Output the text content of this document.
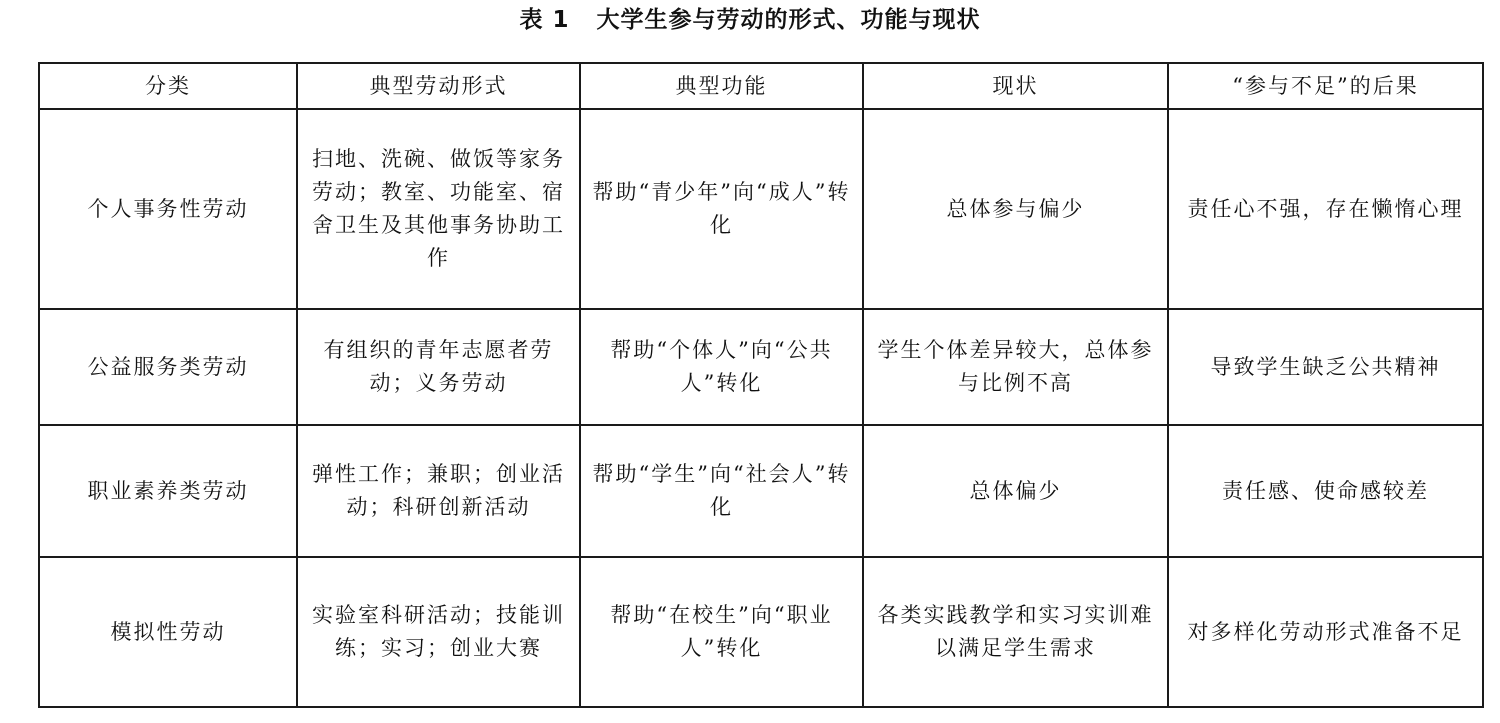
表 1   大学生参与劳动的形式、功能与现状
分类	典型劳动形式	典型功能	现状	“参与不足”的后果
个人事务性劳动	扫地、洗碗、做饭等家务劳动；教室、功能室、宿舍卫生及其他事务协助工作	帮助“青少年”向“成人”转化	总体参与偏少	责任心不强，存在懒惰心理
公益服务类劳动	有组织的青年志愿者劳动；义务劳动	帮助“个体人”向“公共人”转化	学生个体差异较大，总体参与比例不高	导致学生缺乏公共精神
职业素养类劳动	弹性工作；兼职；创业活动；科研创新活动	帮助“学生”向“社会人”转化	总体偏少	责任感、使命感较差
模拟性劳动	实验室科研活动；技能训练；实习；创业大赛	帮助“在校生”向“职业人”转化	各类实践教学和实习实训难以满足学生需求	对多样化劳动形式准备不足
